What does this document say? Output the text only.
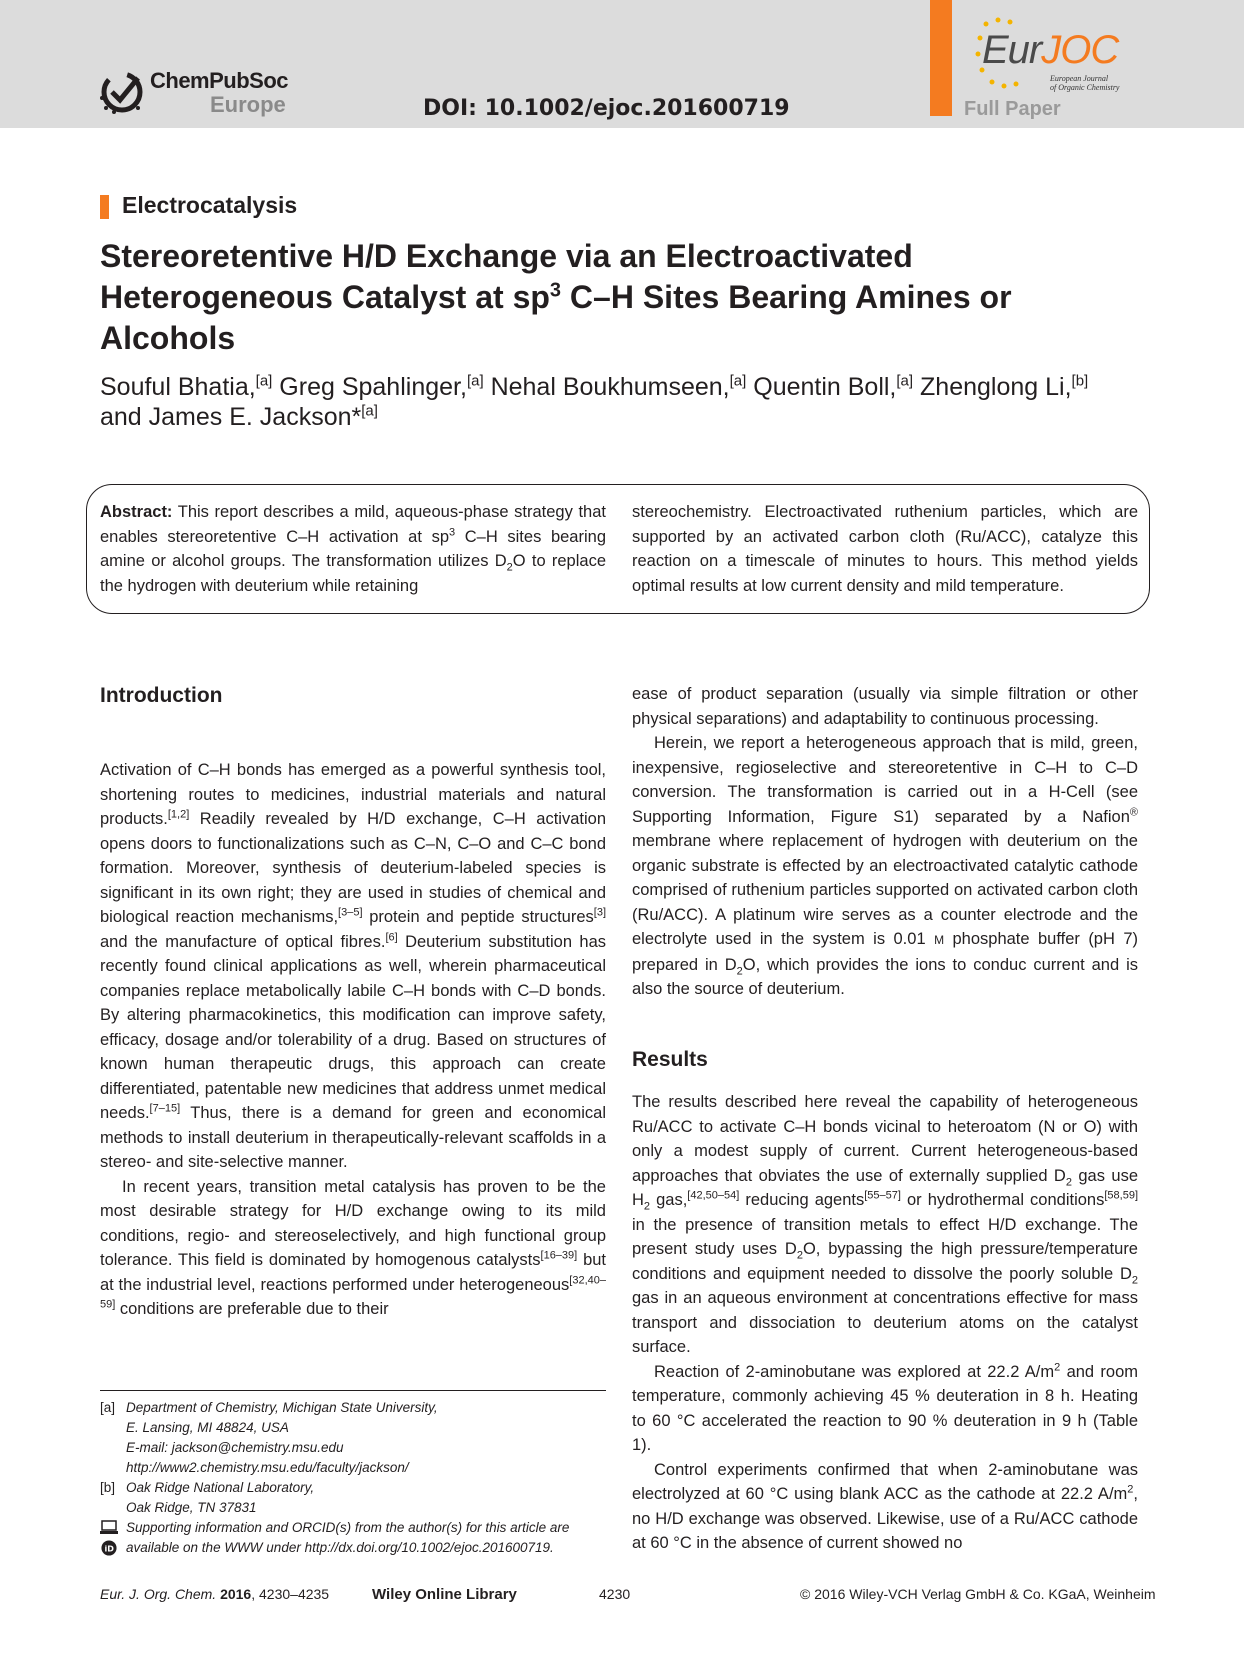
ChemPubSoc
Europe	DOI: 10.1002/ejoc.201600719
EurJOC
European Journal
of Organic Chemistry
Full Paper
Electrocatalysis
Stereoretentive H/D Exchange via an Electroactivated
Heterogeneous Catalyst at $sp^3$ C–H Sites Bearing Amines or
Alcohols
Souful Bhatia,[a] Greg Spahlinger,[a] Nehal Boukhumseen,[a] Quentin Boll,[a] Zhenglong Li,[b]
and James E. Jackson*[a]
Abstract: This report describes a mild, aqueous-phase strategy that enables stereoretentive C–H activation at $sp^3$ C–H sites bearing amine or alcohol groups. The transformation utilizes $D_2O$ to replace the hydrogen with deuterium while retaining
stereochemistry. Electroactivated ruthenium particles, which are supported by an activated carbon cloth (Ru/ACC), catalyze this reaction on a timescale of minutes to hours. This method yields optimal results at low current density and mild temperature.
Introduction

Activation of C–H bonds has emerged as a powerful synthesis tool, shortening routes to medicines, industrial materials and natural products.[1,2] Readily revealed by H/D exchange, C–H activation opens doors to functionalizations such as C–N, C–O and C–C bond formation. Moreover, synthesis of deuterium-labeled species is significant in its own right; they are used in studies of chemical and biological reaction mechanisms,[3–5] protein and peptide structures[3] and the manufacture of optical fibres.[6] Deuterium substitution has recently found clinical applications as well, wherein pharmaceutical companies replace metabolically labile C–H bonds with C–D bonds. By altering pharmacokinetics, this modification can improve safety, efficacy, dosage and/or tolerability of a drug. Based on structures of known human therapeutic drugs, this approach can create differentiated, patentable new medicines that address unmet medical needs.[7–15] Thus, there is a demand for green and economical methods to install deuterium in therapeutically-relevant scaffolds in a stereo- and site-selective manner.

In recent years, transition metal catalysis has proven to be the most desirable strategy for H/D exchange owing to its mild conditions, regio- and stereoselectively, and high functional group tolerance. This field is dominated by homogenous catalysts[16–39] but at the industrial level, reactions performed under heterogeneous[32,40–59] conditions are preferable due to their

ease of product separation (usually via simple filtration or other physical separations) and adaptability to continuous processing.

Herein, we report a heterogeneous approach that is mild, green, inexpensive, regioselective and stereoretentive in C–H to C–D conversion. The transformation is carried out in a H-Cell (see Supporting Information, Figure S1) separated by a Nafion® membrane where replacement of hydrogen with deuterium on the organic substrate is effected by an electroactivated catalytic cathode comprised of ruthenium particles supported on activated carbon cloth (Ru/ACC). A platinum wire serves as a counter electrode and the electrolyte used in the system is 0.01 M phosphate buffer (pH 7) prepared in $D_2O$, which provides the ions to conduc current and is also the source of deuterium.

Results

The results described here reveal the capability of heterogeneous Ru/ACC to activate C–H bonds vicinal to heteroatom (N or O) with only a modest supply of current. Current heterogeneous-based approaches that obviates the use of externally supplied $D_2$ gas use $H_2$ gas,[42,50–54] reducing agents[55–57] or hydrothermal conditions[58,59] in the presence of transition metals to effect H/D exchange. The present study uses $D_2O$, bypassing the high pressure/temperature conditions and equipment needed to dissolve the poorly soluble $D_2$ gas in an aqueous environment at concentrations effective for mass transport and dissociation to deuterium atoms on the catalyst surface.

Reaction of 2-aminobutane was explored at 22.2 $A/m^2$ and room temperature, commonly achieving 45 % deuteration in 8 h. Heating to 60 °C accelerated the reaction to 90 % deuteration in 9 h (Table 1).

Control experiments confirmed that when 2-aminobutane was electrolyzed at 60 °C using blank ACC as the cathode at 22.2 $A/m^2$, no H/D exchange was observed. Likewise, use of a Ru/ACC cathode at 60 °C in the absence of current showed no

[a] Department of Chemistry, Michigan State University,
E. Lansing, MI 48824, USA
E-mail: jackson@chemistry.msu.edu
http://www2.chemistry.msu.edu/faculty/jackson/
[b] Oak Ridge National Laboratory,
Oak Ridge, TN 37831
iD
Supporting information and ORCID(s) from the author(s) for this article are
available on the WWW under http://dx.doi.org/10.1002/ejoc.201600719.
Eur. J. Org. Chem. 2016, 4230–4235	Wiley Online Library	4230	© 2016 Wiley-VCH Verlag GmbH & Co. KGaA, Weinheim
